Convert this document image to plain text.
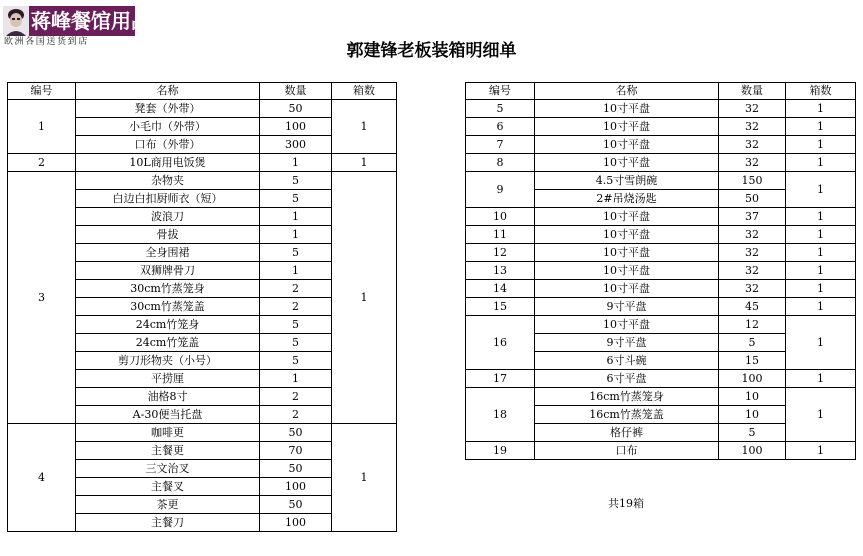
蒋峰餐馆用品
欧洲各国送货到店	郭建锋老板装箱明细单
编号	名称	数量	箱数
1	凳套（外带）	50	1
	小毛巾（外带）	100	
	口布（外带）	300	
2	10L商用电饭煲	1	1
3	杂物夹	5	1
	白边白扣厨师衣（短）	5	
	波浪刀	1	
	骨拔	1	
	全身围裙	5	
	双狮牌骨刀	1	
	30cm竹蒸笼身	2	
	30cm竹蒸笼盖	2	
	24cm竹笼身	5	
	24cm竹笼盖	5	
	剪刀形物夹（小号）	5	
	平捞厘	1	
	油格8寸	2	
	A-30便当托盘	2	
4	咖啡更	50	1
	主餐更	70	
	三文治叉	50	
	主餐叉	100	
	茶更	50	
	主餐刀	100	
编号	名称	数量	箱数
5	10寸平盘	32	1
6	10寸平盘	32	1
7	10寸平盘	32	1
8	10寸平盘	32	1
9	4.5寸雪朗碗	150	1
	2#吊烧汤匙	50	
10	10寸平盘	37	1
11	10寸平盘	32	1
12	10寸平盘	32	1
13	10寸平盘	32	1
14	10寸平盘	32	1
15	9寸平盘	45	1
16	10寸平盘	12	1
	9寸平盘	5	
	6寸斗碗	15	
17	6寸平盘	100	1
18	16cm竹蒸笼身	10	1
	16cm竹蒸笼盖	10	
	格仔裤	5	
19	口布	100	1
共19箱
